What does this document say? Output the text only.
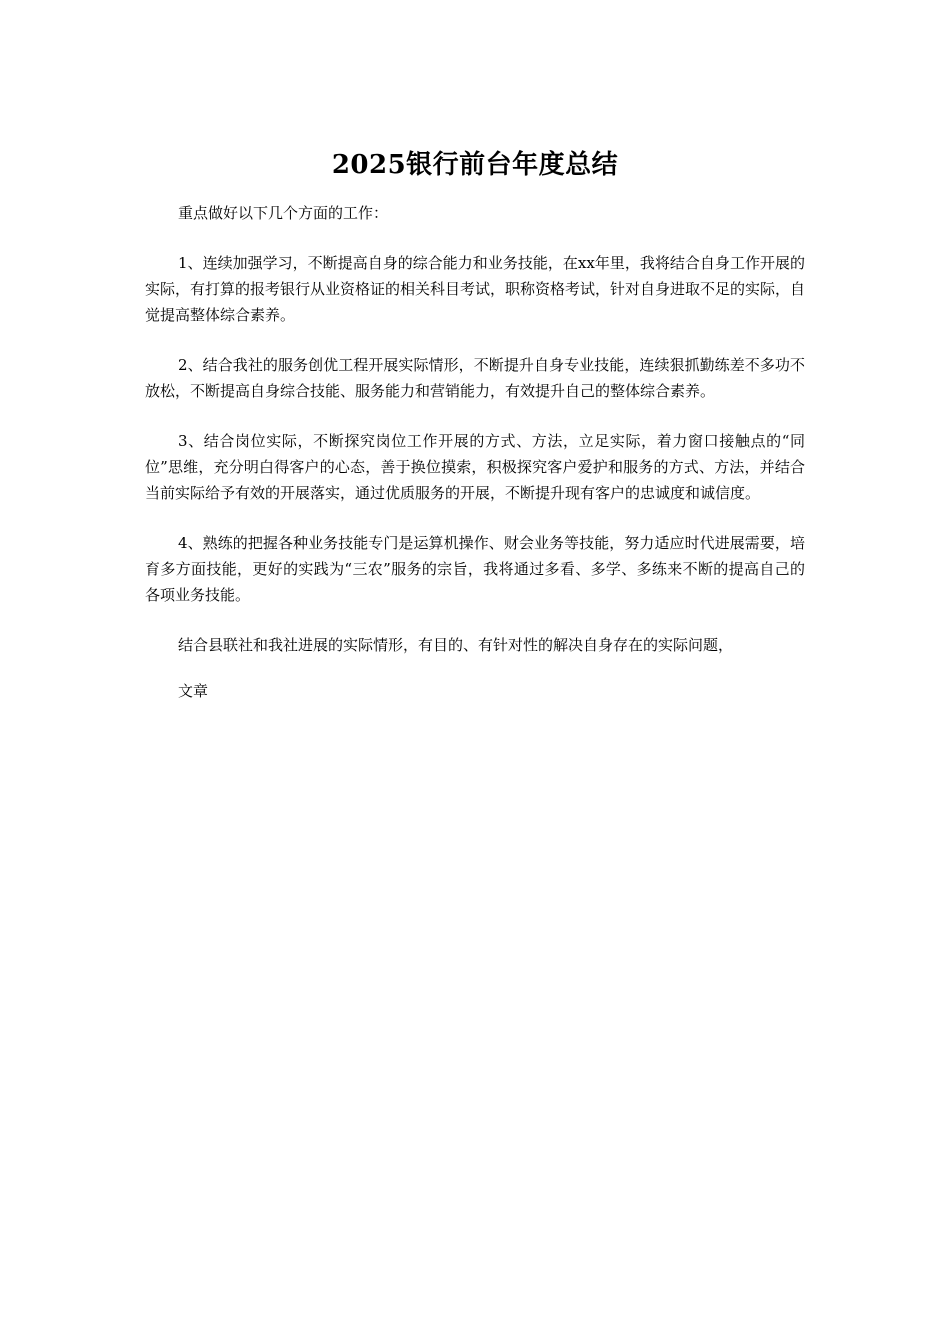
2025银行前台年度总结

重点做好以下几个方面的工作：

1、连续加强学习，不断提高自身的综合能力和业务技能，在xx年里，我将结合自身工作开展的实际，有打算的报考银行从业资格证的相关科目考试，职称资格考试，针对自身进取不足的实际，自觉提高整体综合素养。

2、结合我社的服务创优工程开展实际情形，不断提升自身专业技能，连续狠抓勤练差不多功不放松，不断提高自身综合技能、服务能力和营销能力，有效提升自己的整体综合素养。

3、结合岗位实际，不断探究岗位工作开展的方式、方法，立足实际，着力窗口接触点的“同位”思维，充分明白得客户的心态，善于换位摸索，积极探究客户爱护和服务的方式、方法，并结合当前实际给予有效的开展落实，通过优质服务的开展，不断提升现有客户的忠诚度和诚信度。

4、熟练的把握各种业务技能专门是运算机操作、财会业务等技能，努力适应时代进展需要，培育多方面技能，更好的实践为“三农”服务的宗旨，我将通过多看、多学、多练来不断的提高自己的各项业务技能。

结合县联社和我社进展的实际情形，有目的、有针对性的解决自身存在的实际问题，

文章
